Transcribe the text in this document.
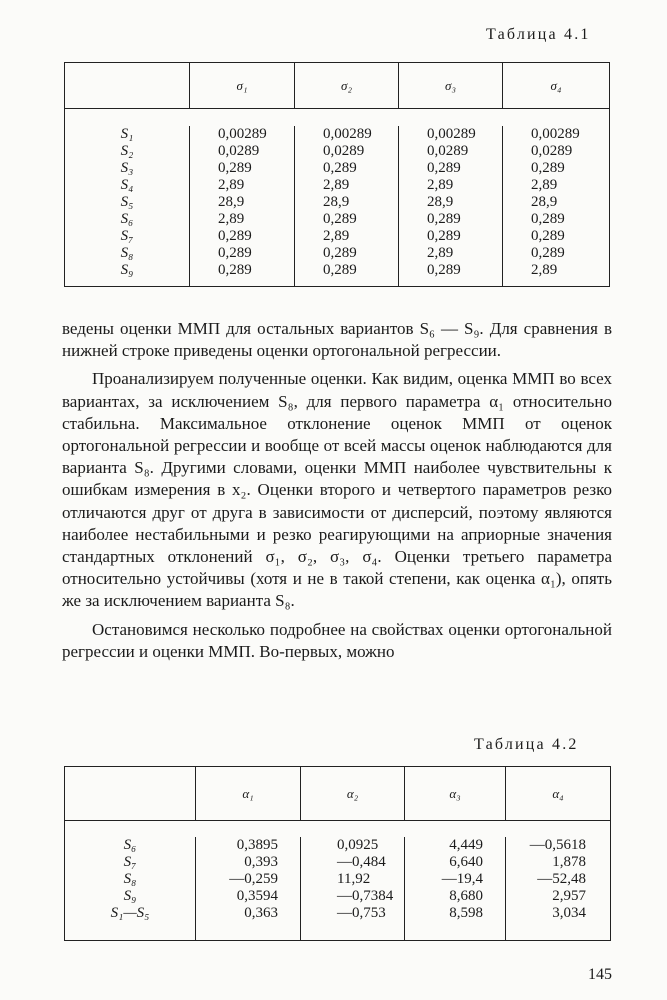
Таблица 4.1
	σ₁	σ₂	σ₃	σ₄

S₁	0,00289	0,00289	0,00289	0,00289
S₂	0,0289	0,0289	0,0289	0,0289
S₃	0,289	0,289	0,289	0,289
S₄	2,89	2,89	2,89	2,89
S₅	28,9	28,9	28,9	28,9
S₆	2,89	0,289	0,289	0,289
S₇	0,289	2,89	0,289	0,289
S₈	0,289	0,289	2,89	0,289
S₉	0,289	0,289	0,289	2,89

ведены оценки ММП для остальных вариантов S₆ — S₉. Для сравнения в нижней строке приведены оценки ортогональной регрессии.

Проанализируем полученные оценки. Как видим, оценка ММП во всех вариантах, за исключением S₈, для первого параметра α₁ относительно стабильна. Максимальное отклонение оценок ММП от оценок ортогональной регрессии и вообще от всей массы оценок наблюдаются для варианта S₈. Другими словами, оценки ММП наиболее чувствительны к ошибкам измерения в x₂. Оценки второго и четвертого параметров резко отличаются друг от друга в зависимости от дисперсий, поэтому являются наиболее нестабильными и резко реагирующими на априорные значения стандартных отклонений σ₁, σ₂, σ₃, σ₄. Оценки третьего параметра относительно устойчивы (хотя и не в такой степени, как оценка α₁), опять же за исключением варианта S₈.

Остановимся несколько подробнее на свойствах оценки ортогональной регрессии и оценки ММП. Во-первых, можно

Таблица 4.2
	α₁	α₂	α₃	α₄

S₆	0,3895	0,0925	4,449	—0,5618
S₇	0,393	—0,484	6,640	1,878
S₈	—0,259	11,92	—19,4	—52,48
S₉	0,3594	—0,7384	8,680	2,957
S₁—S₅	0,363	—0,753	8,598	3,034

145
